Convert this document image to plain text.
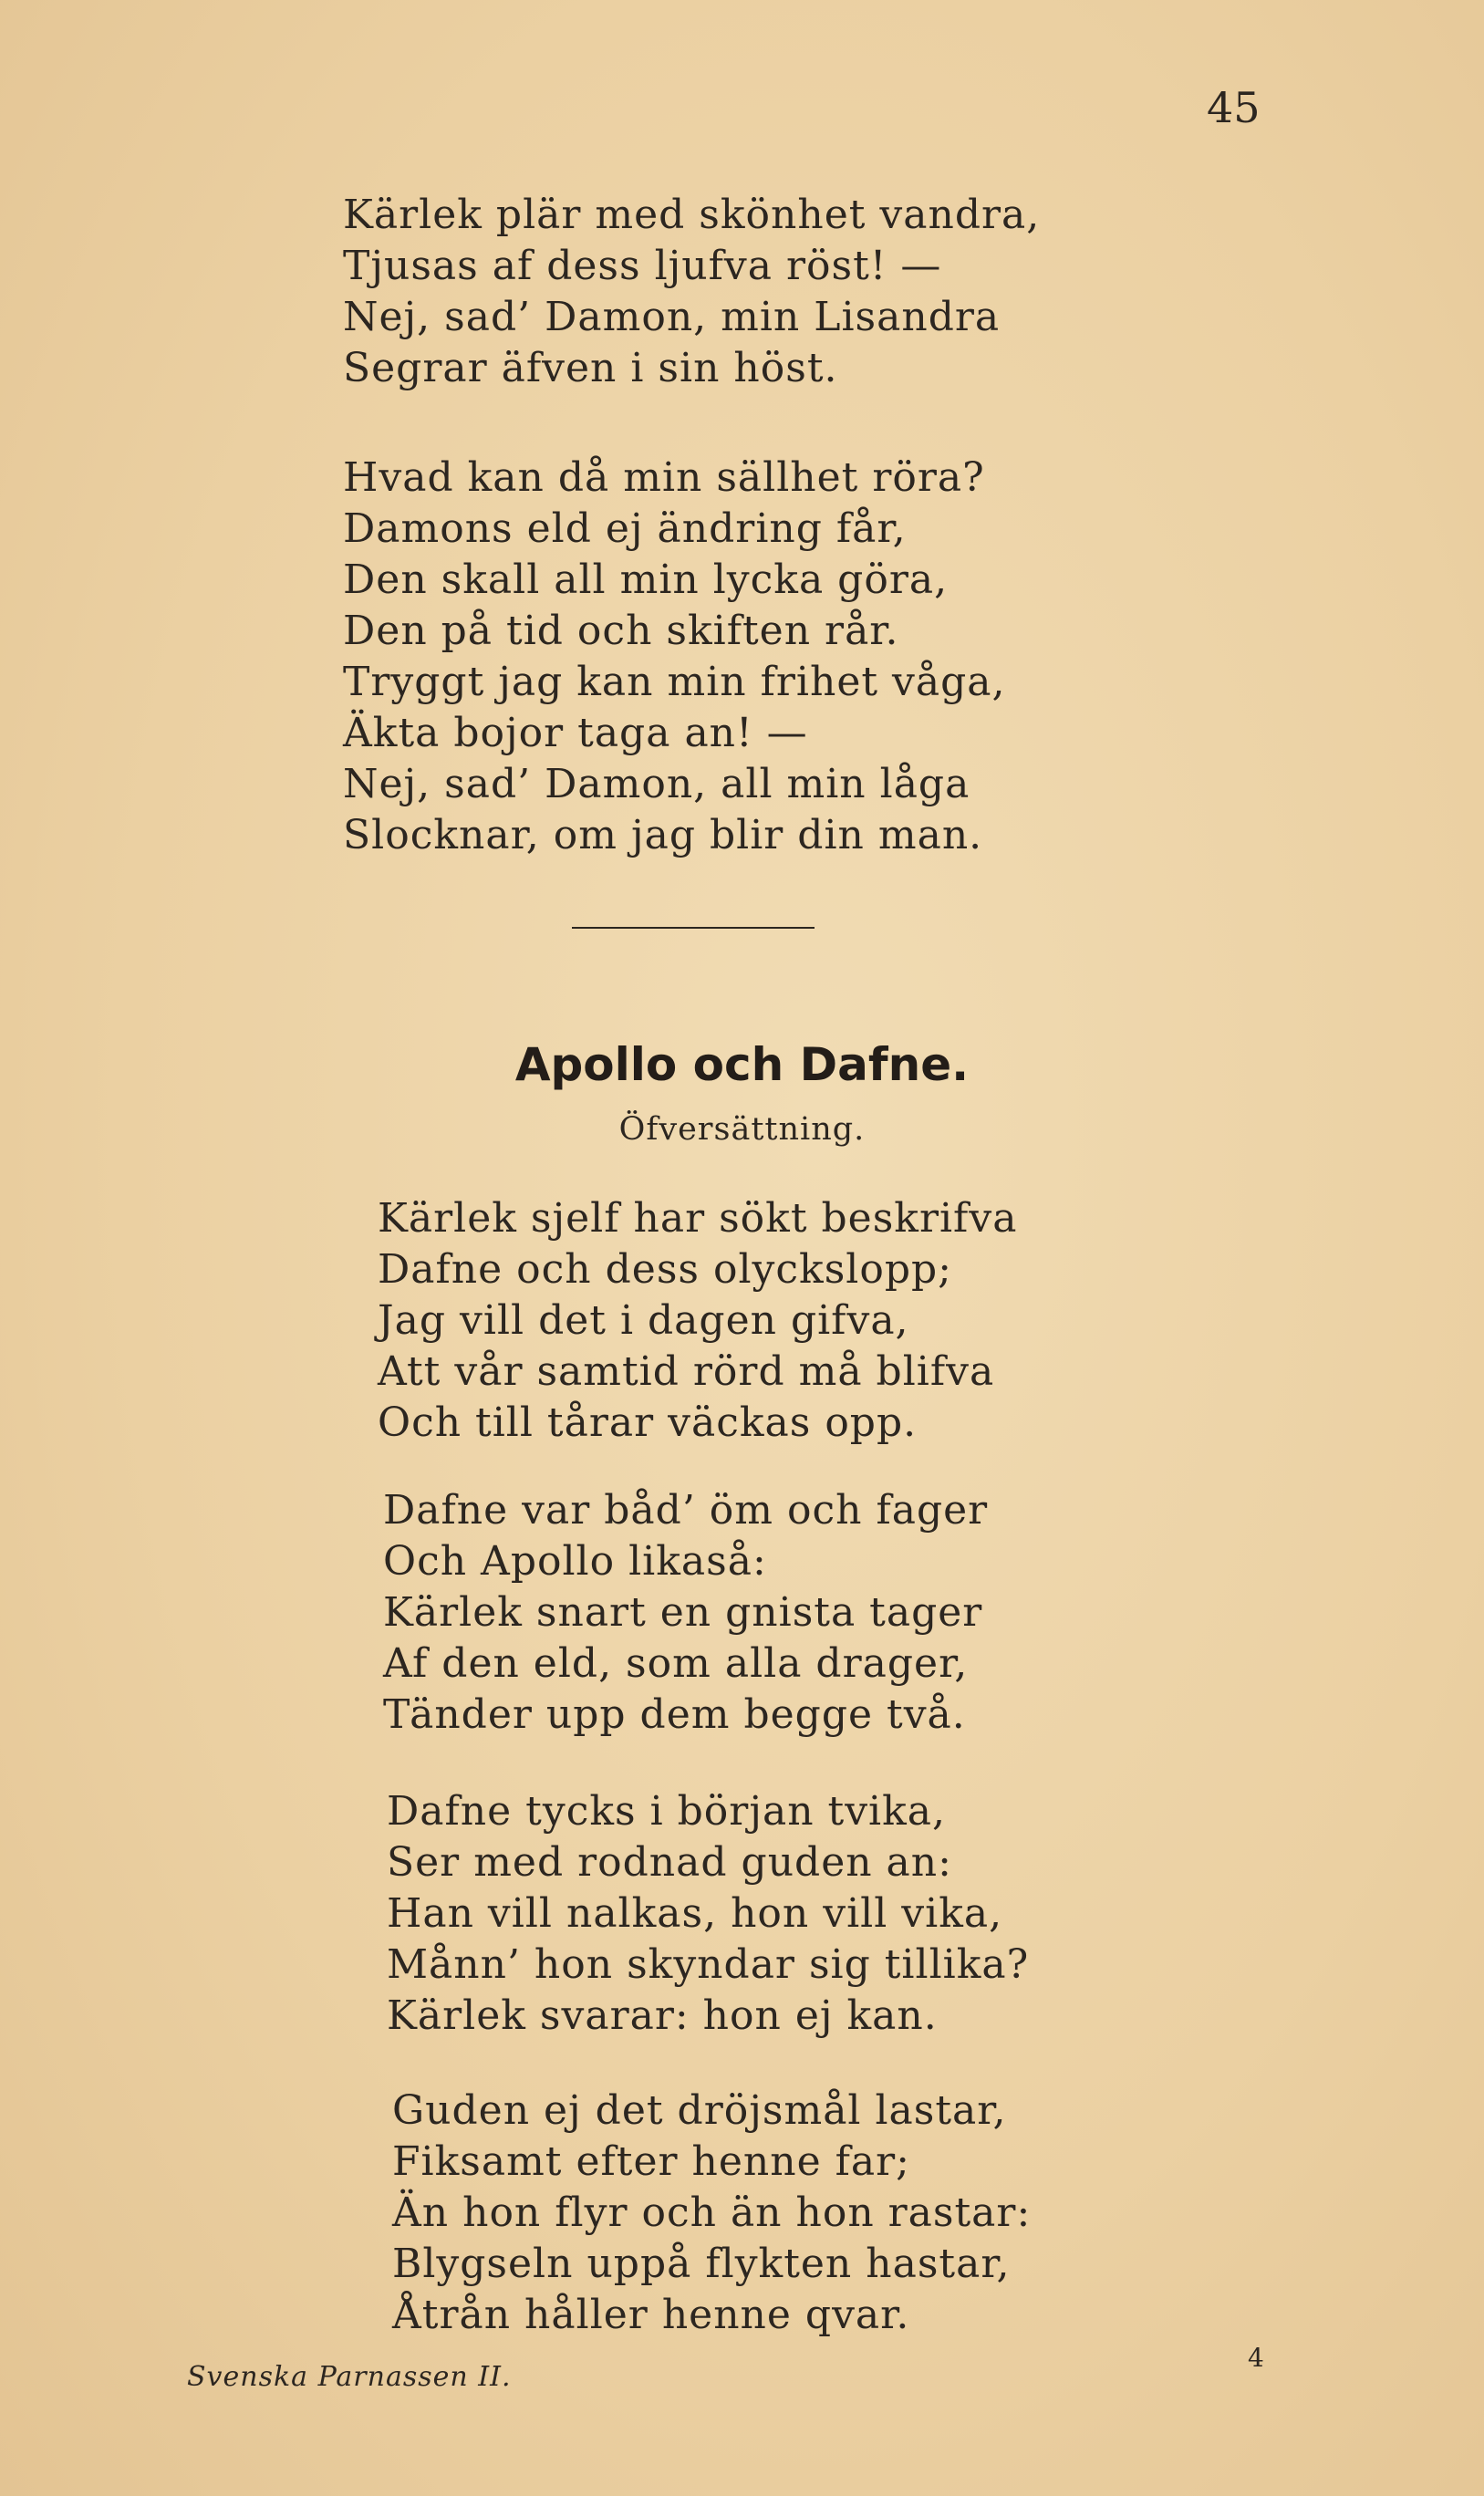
45
Kärlek plär med skönhet vandra,
Tjusas af dess ljufva röst! —
Nej, sad’ Damon, min Lisandra
Segrar äfven i sin höst.
Hvad kan då min sällhet röra?
Damons eld ej ändring får,
Den skall all min lycka göra,
Den på tid och skiften rår.
Tryggt jag kan min frihet våga,
Äkta bojor taga an! —
Nej, sad’ Damon, all min låga
Slocknar, om jag blir din man.
Apollo och Dafne.
Öfversättning.
Kärlek sjelf har sökt beskrifva
Dafne och dess olyckslopp;
Jag vill det i dagen gifva,
Att vår samtid rörd må blifva
Och till tårar väckas opp.
Dafne var båd’ öm och fager
Och Apollo likaså:
Kärlek snart en gnista tager
Af den eld, som alla drager,
Tänder upp dem begge två.
Dafne tycks i början tvika,
Ser med rodnad guden an:
Han vill nalkas, hon vill vika,
Månn’ hon skyndar sig tillika?
Kärlek svarar: hon ej kan.
Guden ej det dröjsmål lastar,
Fiksamt efter henne far;
Än hon flyr och än hon rastar:
Blygseln uppå flykten hastar,
Åtrån håller henne qvar.
Svenska Parnassen II.
4
